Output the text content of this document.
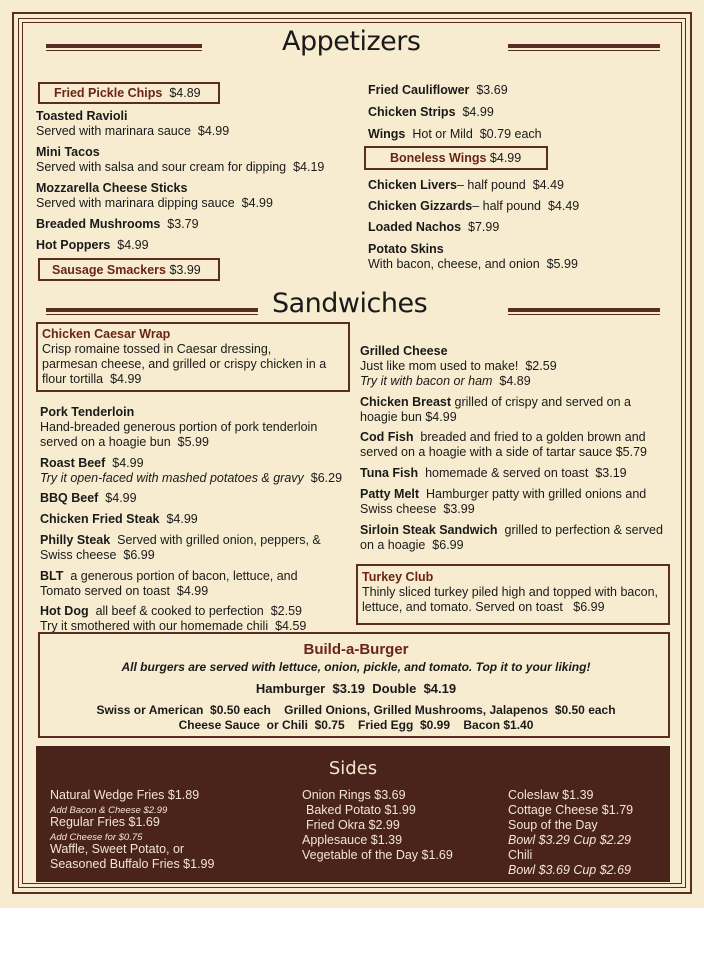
Appetizers
Fried Pickle Chips $4.89
Toasted Ravioli
Served with marinara sauce $4.99
Mini Tacos
Served with salsa and sour cream for dipping $4.19
Mozzarella Cheese Sticks
Served with marinara dipping sauce $4.99
Breaded Mushrooms $3.79
Hot Poppers $4.99
Sausage Smackers $3.99
Fried Cauliflower $3.69
Chicken Strips $4.99
Wings Hot or Mild $0.79 each
Boneless Wings $4.99
Chicken Livers– half pound $4.49
Chicken Gizzards– half pound $4.49
Loaded Nachos $7.99
Potato Skins
With bacon, cheese, and onion $5.99
Sandwiches
Chicken Caesar Wrap
Crisp romaine tossed in Caesar dressing,
parmesan cheese, and grilled or crispy chicken in a
flour tortilla $4.99
Pork Tenderloin
Hand-breaded generous portion of pork tenderloin
served on a hoagie bun $5.99
Roast Beef $4.99
Try it open-faced with mashed potatoes & gravy $6.29
BBQ Beef $4.99
Chicken Fried Steak $4.99
Philly Steak Served with grilled onion, peppers, &
Swiss cheese $6.99
BLT a generous portion of bacon, lettuce, and
Tomato served on toast $4.99
Hot Dog all beef & cooked to perfection $2.59
Try it smothered with our homemade chili $4.59
Grilled Cheese
Just like mom used to make! $2.59
Try it with bacon or ham $4.89
Chicken Breast grilled of crispy and served on a
hoagie bun $4.99
Cod Fish breaded and fried to a golden brown and
served on a hoagie with a side of tartar sauce $5.79
Tuna Fish homemade & served on toast $3.19
Patty Melt Hamburger patty with grilled onions and
Swiss cheese $3.99
Sirloin Steak Sandwich grilled to perfection & served
on a hoagie $6.99
Turkey Club
Thinly sliced turkey piled high and topped with bacon,
lettuce, and tomato. Served on toast $6.99
Build-a-Burger
All burgers are served with lettuce, onion, pickle, and tomato. Top it to your liking!
Hamburger $3.19 Double $4.19
Swiss or American  $0.50 each    Grilled Onions, Grilled Mushrooms, Jalapenos  $0.50 each
Cheese Sauce  or Chili  $0.75    Fried Egg  $0.99    Bacon $1.40
Sides
Natural Wedge Fries $1.89
Add Bacon & Cheese $2.99
Regular Fries $1.69
Add Cheese for $0.75
Waffle, Sweet Potato, or
Seasoned Buffalo Fries $1.99
Onion Rings $3.69
Baked Potato $1.99
Fried Okra $2.99
Applesauce $1.39
Vegetable of the Day $1.69
Coleslaw $1.39
Cottage Cheese $1.79
Soup of the Day
Bowl $3.29 Cup $2.29
Chili
Bowl $3.69 Cup $2.69
